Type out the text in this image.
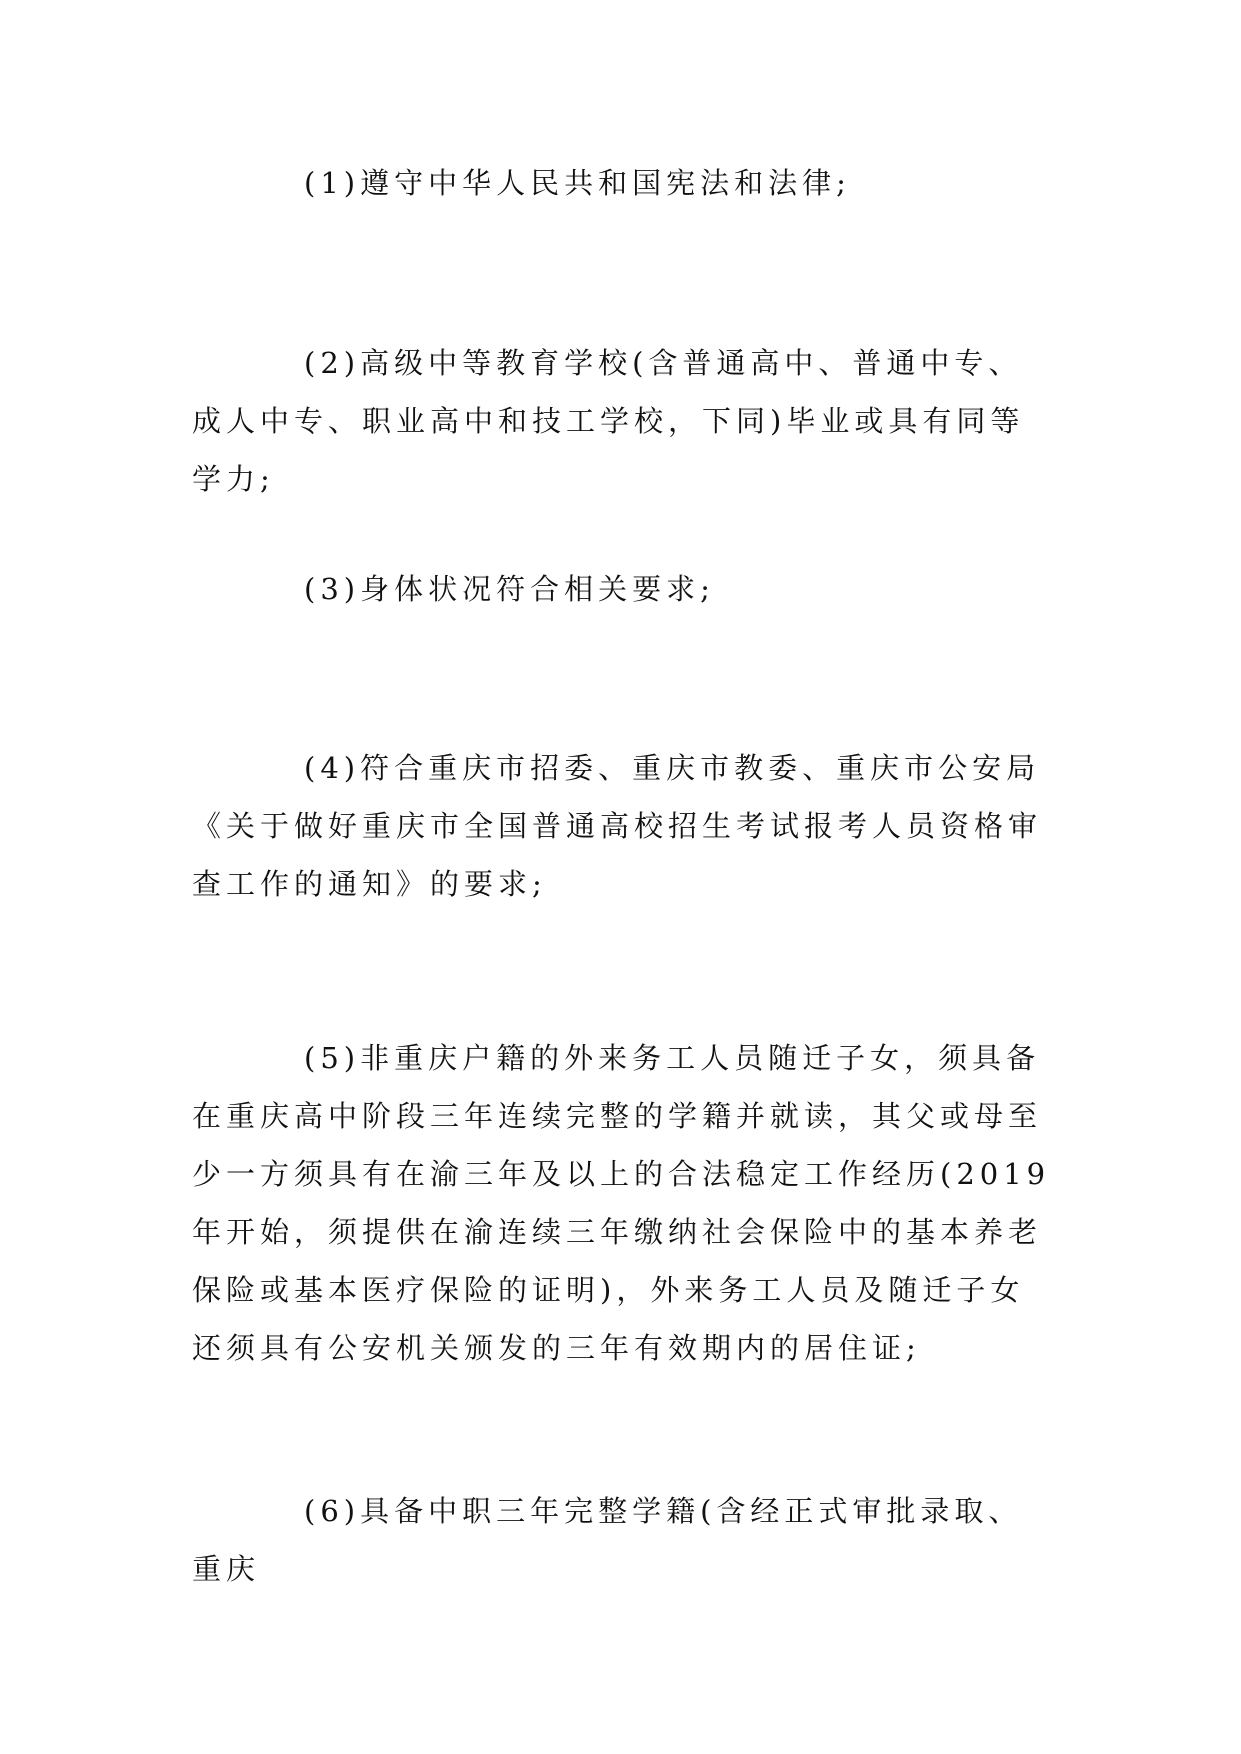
(1)遵守中华人民共和国宪法和法律;

(2)高级中等教育学校(含普通高中、普通中专、成人中专、职业高中和技工学校，下同)毕业或具有同等学力;

(3)身体状况符合相关要求;

(4)符合重庆市招委、重庆市教委、重庆市公安局《关于做好重庆市全国普通高校招生考试报考人员资格审查工作的通知》的要求;

(5)非重庆户籍的外来务工人员随迁子女，须具备在重庆高中阶段三年连续完整的学籍并就读，其父或母至少一方须具有在渝三年及以上的合法稳定工作经历(2019年开始，须提供在渝连续三年缴纳社会保险中的基本养老保险或基本医疗保险的证明)，外来务工人员及随迁子女还须具有公安机关颁发的三年有效期内的居住证;

(6)具备中职三年完整学籍(含经正式审批录取、重庆
